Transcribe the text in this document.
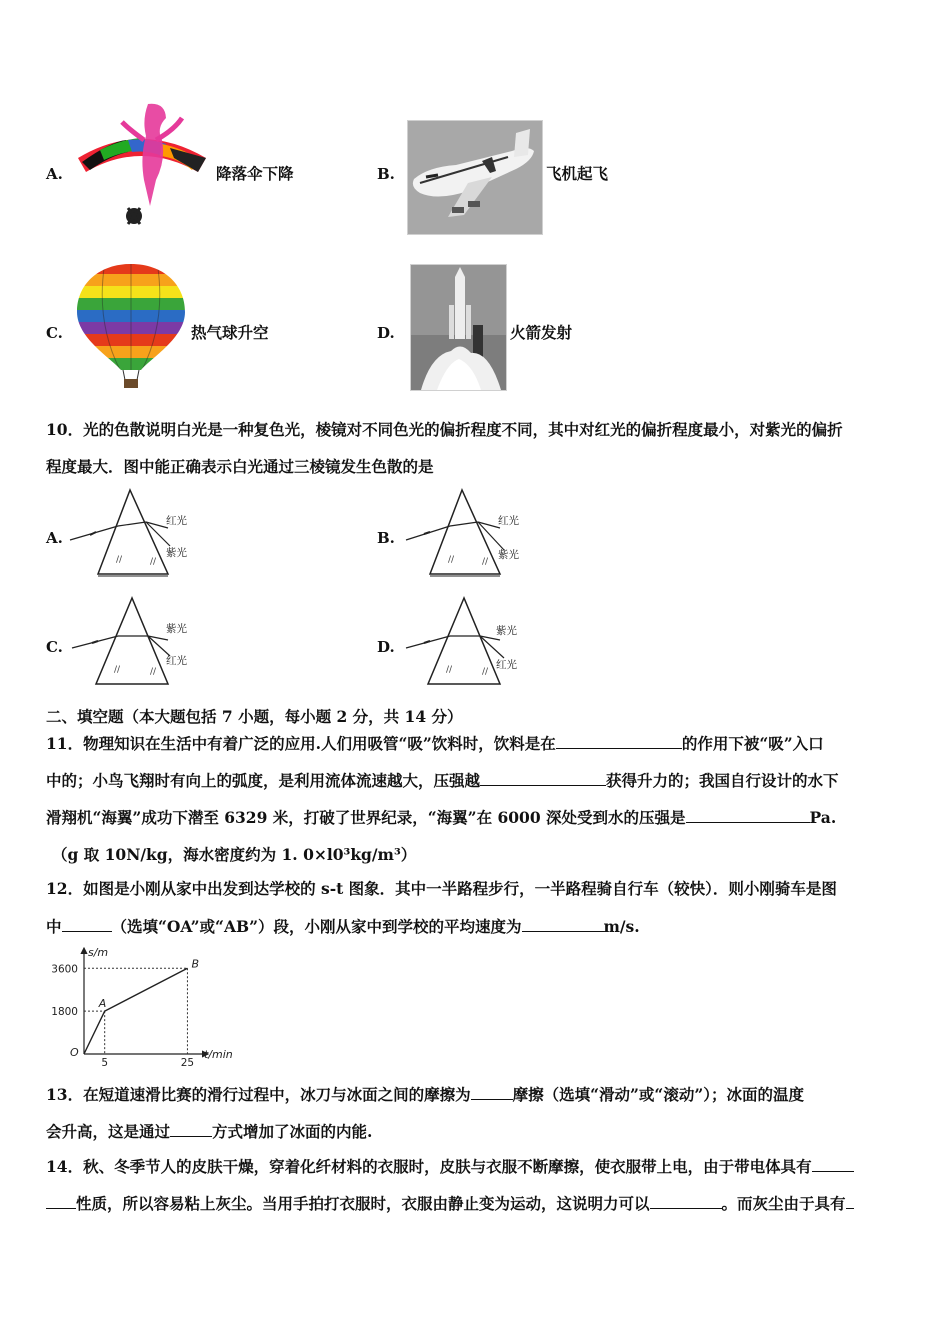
A.	降落伞下降	B.	飞机起飞
C.	热气球升空	D.	火箭发射
10．光的色散说明白光是一种复色光，棱镜对不同色光的偏折程度不同，其中对红光的偏折程度最小，对紫光的偏折
程度最大．图中能正确表示白光通过三棱镜发生色散的是
A.
//	//
红光
紫光
B.
//	//
红光
紫光
C.
//	//
紫光
红光
D.
//	//
紫光
红光
二、填空题（本大题包括 7 小题，每小题 2 分，共 14 分）
11．物理知识在生活中有着广泛的应用.人们用吸管“吸”饮料时，饮料是在	的作用下被“吸”入口
中的；小鸟飞翔时有向上的弧度，是利用流体流速越大，压强越	获得升力的；我国自行设计的水下
滑翔机“海翼”成功下潜至 6329 米，打破了世界纪录，“海翼”在 6000 深处受到水的压强是	Pa.
（g 取 10N/kg，海水密度约为 1. 0×l0³kg/m³）
12．如图是小刚从家中出发到达学校的 s-t 图象．其中一半路程步行，一半路程骑自行车（较快）．则小刚骑车是图
中	（选填“OA”或“AB”）段，小刚从家中到学校的平均速度为	m/s.
s/m
t/min
1800
3600
5	25
O
A
B
13．在短道速滑比赛的滑行过程中，冰刀与冰面之间的摩擦为	摩擦（选填“滑动”或“滚动”）；冰面的温度
会升高，这是通过	方式增加了冰面的内能.
14．秋、冬季节人的皮肤干燥，穿着化纤材料的衣服时，皮肤与衣服不断摩擦，使衣服带上电，由于带电体具有
性质，所以容易粘上灰尘。当用手拍打衣服时，衣服由静止变为运动，这说明力可以	。而灰尘由于具有
